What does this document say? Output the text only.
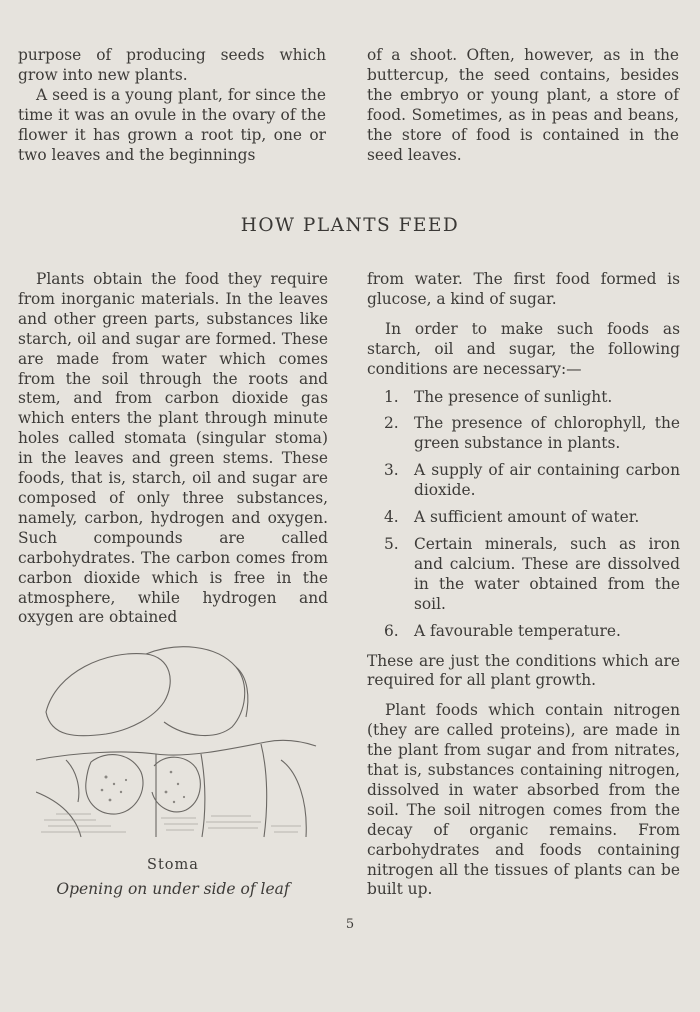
purpose of producing seeds which grow into new plants.

A seed is a young plant, for since the time it was an ovule in the ovary of the flower it has grown a root tip, one or two leaves and the beginnings

of a shoot. Often, however, as in the buttercup, the seed contains, besides the embryo or young plant, a store of food. Sometimes, as in peas and beans, the store of food is contained in the seed leaves.

HOW PLANTS FEED

Plants obtain the food they require from inorganic materials. In the leaves and other green parts, substances like starch, oil and sugar are formed. These are made from water which comes from the soil through the roots and stem, and from carbon dioxide gas which enters the plant through minute holes called stomata (singular stoma) in the leaves and green stems. These foods, that is, starch, oil and sugar are composed of only three substances, namely, carbon, hydrogen and oxygen. Such compounds are called carbohydrates. The carbon comes from carbon dioxide which is free in the atmosphere, while hydrogen and oxygen are obtained

from water. The first food formed is glucose, a kind of sugar.

In order to make such foods as starch, oil and sugar, the following conditions are necessary:—

1. The presence of sunlight.
2. The presence of chlorophyll, the green substance in plants.
3. A supply of air containing carbon dioxide.
4. A sufficient amount of water.
5. Certain minerals, such as iron and calcium. These are dissolved in the water obtained from the soil.
6. A favourable temperature.

These are just the conditions which are required for all plant growth.

Plant foods which contain nitrogen (they are called proteins), are made in the plant from sugar and from nitrates, that is, substances containing nitrogen, dissolved in water absorbed from the soil. The soil nitrogen comes from the decay of organic remains. From carbohydrates and foods containing nitrogen all the tissues of plants can be built up.

Stoma
Opening on under side of leaf
5
